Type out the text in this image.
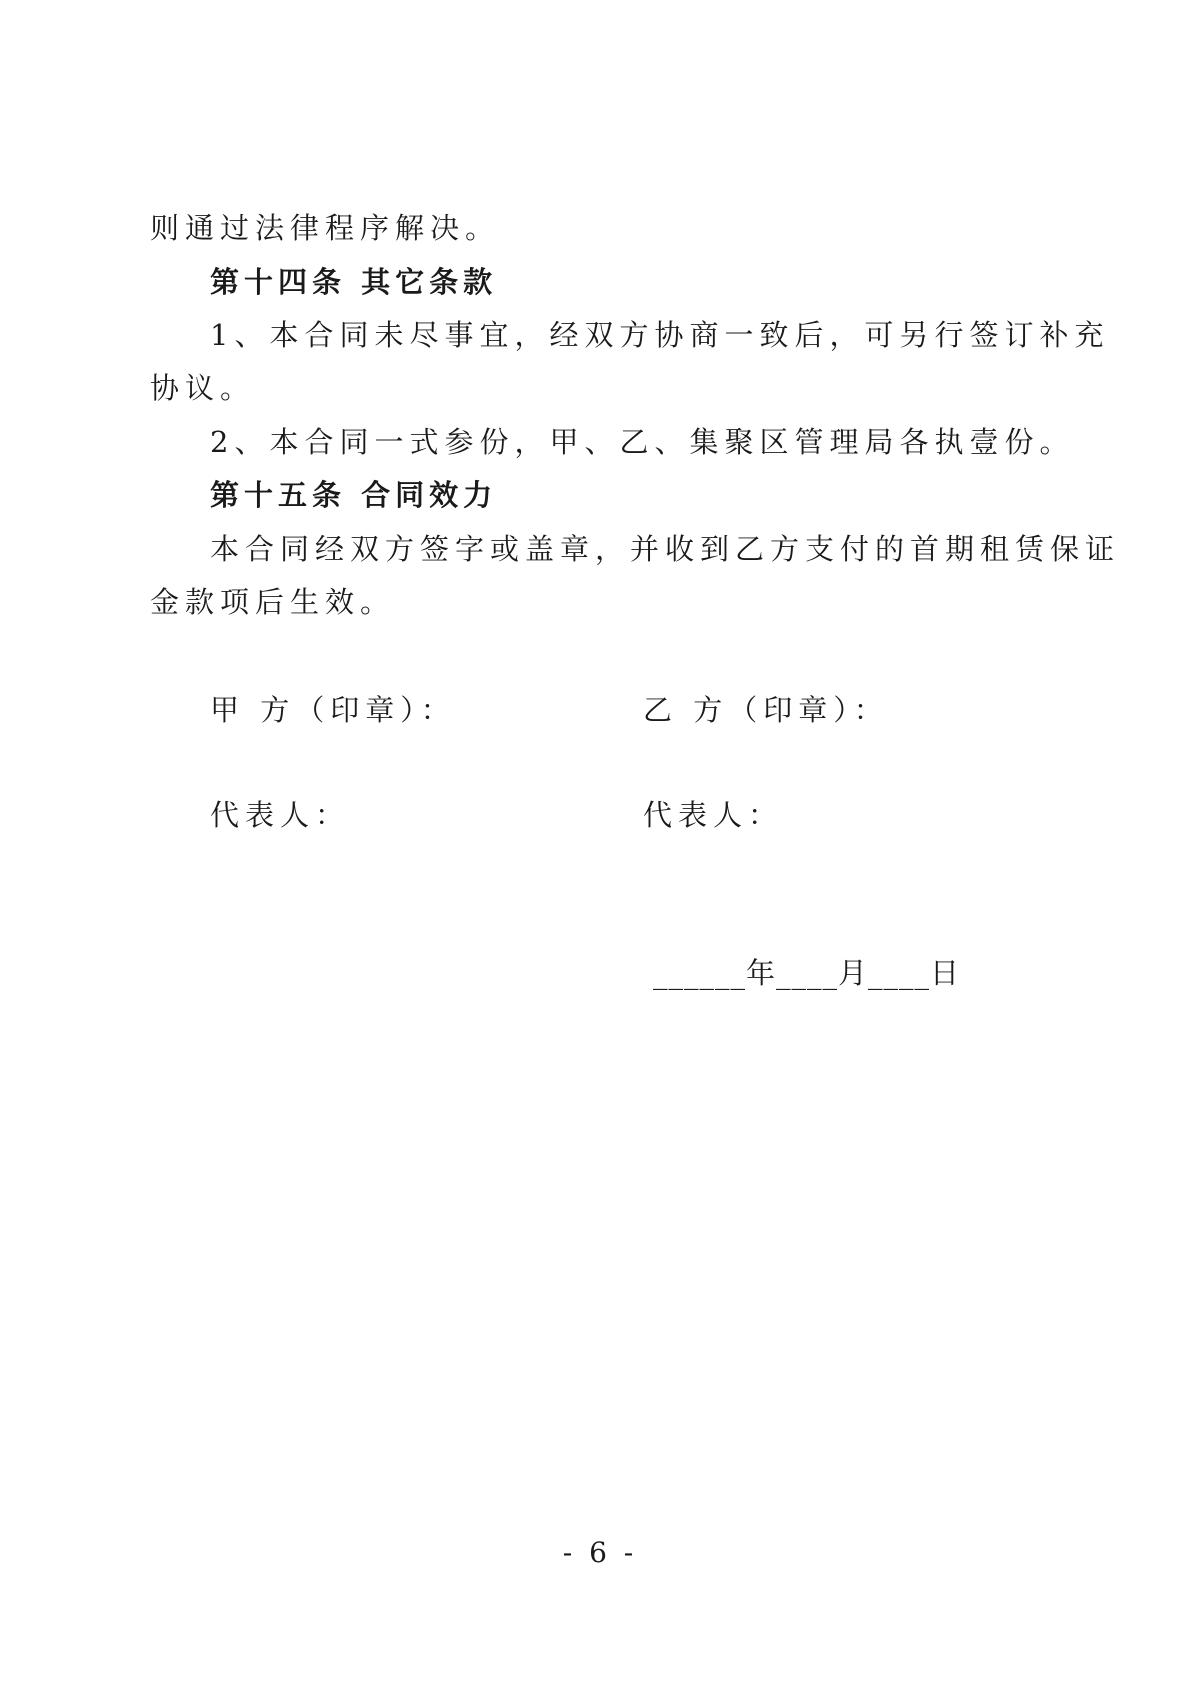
则通过法律程序解决。

第十四条 其它条款

1、本合同未尽事宜，经双方协商一致后，可另行签订补充

协议。

2、本合同一式参份，甲、乙、集聚区管理局各执壹份。

第十五条 合同效力

本合同经双方签字或盖章，并收到乙方支付的首期租赁保证

金款项后生效。

甲 方（印章）：	乙 方（印章）：

代表人：	代表人：

______年____月____日

- 6 -
